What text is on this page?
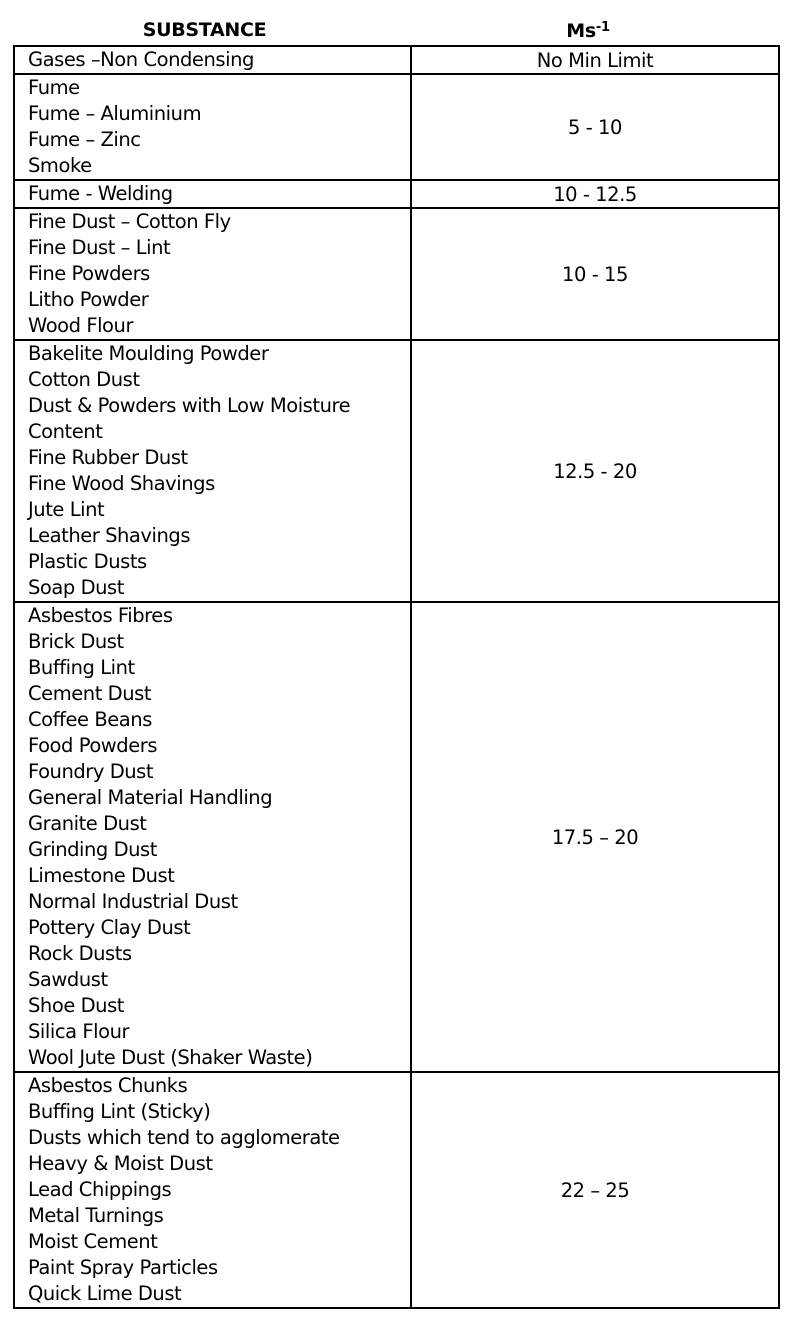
SUBSTANCE	$Ms^{-1}$
Gases –Non Condensing	No Min Limit

Fume
Fume – Aluminium
Fume – Zinc
Smoke	5 - 10

Fume - Welding	10 - 12.5

Fine Dust – Cotton Fly
Fine Dust – Lint
Fine Powders
Litho Powder
Wood Flour	10 - 15

Bakelite Moulding Powder
Cotton Dust
Dust & Powders with Low Moisture
Content
Fine Rubber Dust
Fine Wood Shavings
Jute Lint
Leather Shavings
Plastic Dusts
Soap Dust
	12.5 - 20

Asbestos Fibres
Brick Dust
Buffing Lint
Cement Dust
Coffee Beans
Food Powders
Foundry Dust
General Material Handling
Granite Dust
Grinding Dust
Limestone Dust
Normal Industrial Dust
Pottery Clay Dust
Rock Dusts
Sawdust
Shoe Dust
Silica Flour
Wool Jute Dust (Shaker Waste)
	17.5 – 20

Asbestos Chunks
Buffing Lint (Sticky)
Dusts which tend to agglomerate
Heavy & Moist Dust
Lead Chippings
Metal Turnings
Moist Cement
Paint Spray Particles
Quick Lime Dust
	22 – 25
